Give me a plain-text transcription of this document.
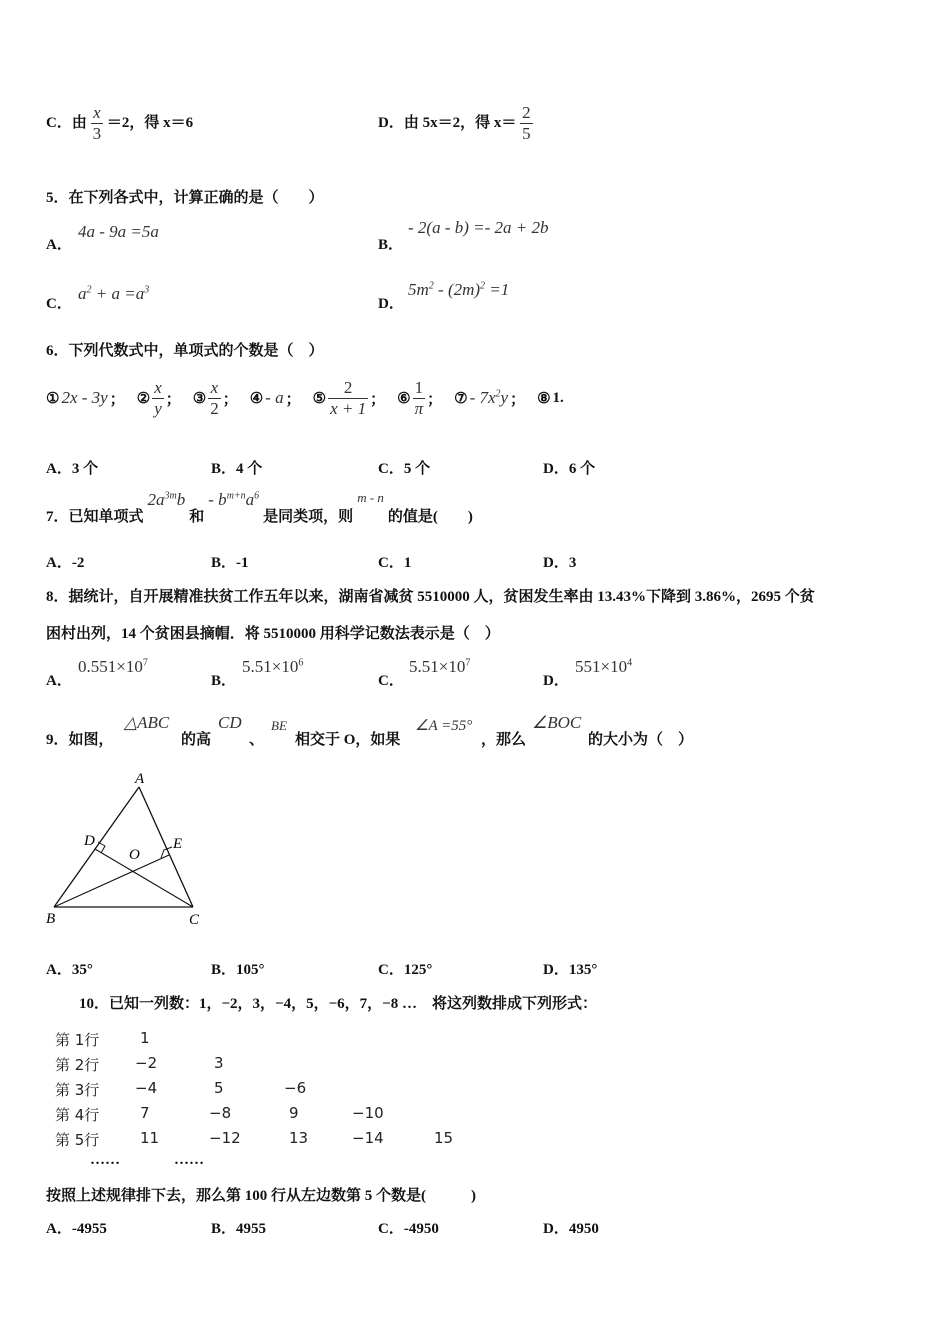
C．由 $\frac{x}{3} =2$，得 x＝6	D．由 5x＝2，得 $x= \frac{2}{5}$
5．在下列各式中，计算正确的是（　　）
A．
4a - 9a =5a
B．
- 2(a - b) =- 2a + 2b
C．
$a^2 + a =a^3$
D．
$5m^2 - (2m)^2 =1$
6．下列代数式中，单项式的个数是（　）
① 2x - 3y ； ② $\frac{x}{y}$ ； ③ $\frac{x}{2}$ ； ④ - a ； ⑤ $\frac{2}{x + 1}$ ； ⑥ $\frac{1}{\pi}$ ； ⑦ - $7x^2y$ ； ⑧ 1.
A．3 个	B．4 个	C．5 个	D．6 个
7．已知单项式
$2a^{3m}b$
和
- $b^{m+n}a^6$
是同类项，则
m - n
的值是(　　)
A．-2	B．-1	C．1	D．3
8．据统计，自开展精准扶贫工作五年以来，湖南省减贫 5510000 人，贫困发生率由 13.43%下降到 3.86%，2695 个贫
困村出列，14 个贫困县摘帽．将 5510000 用科学记数法表示是（　）
A．
$0.551\times 10^7$
B．
$5.51\times 10^6$
C．
$5.51\times 10^7$
D．
$551\times 10^4$
9．如图，
△ABC
的高
CD
、
BE
相交于 O，如果
∠A =55°
，那么
∠BOC
的大小为（　）
A
D	E
O
B	C
A．35°	B．105°	C．125°	D．135°
10．已知一列数：1，−2，3，−4，5，−6，7，−8 …　将这列数排成下列形式：
第 1行	1
第 2行 −2	3
第 3行 −4	5	−6
第 4行	7	−8	9	−10
第 5行	11	−12	13	−14	15
……	……
按照上述规律排下去，那么第 100 行从左边数第 5 个数是(　　　)
A．-4955	B．4955	C．-4950	D．4950
